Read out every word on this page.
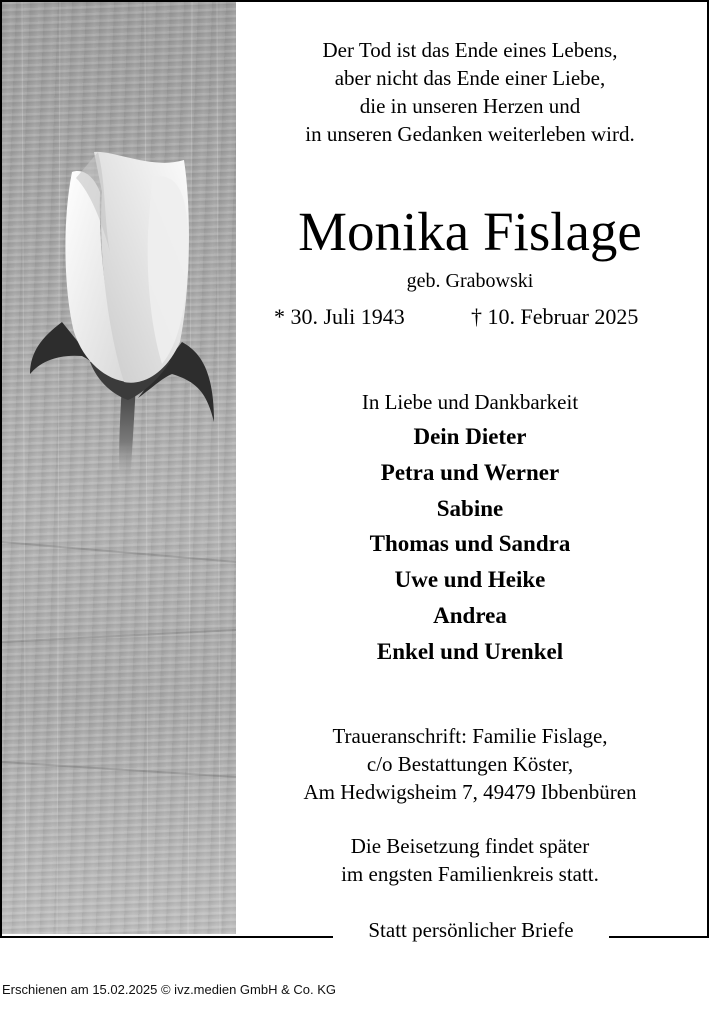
Der Tod ist das Ende eines Lebens,
aber nicht das Ende einer Liebe,
die in unseren Herzen und
in unseren Gedanken weiterleben wird.
Monika Fislage
geb. Grabowski
* 30. Juli 1943	† 10. Februar 2025
In Liebe und Dankbarkeit
Dein Dieter
Petra und Werner
Sabine
Thomas und Sandra
Uwe und Heike
Andrea
Enkel und Urenkel
Traueranschrift: Familie Fislage,
c/o Bestattungen Köster,
Am Hedwigsheim 7, 49479 Ibbenbüren
Die Beisetzung findet später
im engsten Familienkreis statt.
Statt persönlicher Briefe
Erschienen am 15.02.2025 © ivz.medien GmbH & Co. KG
